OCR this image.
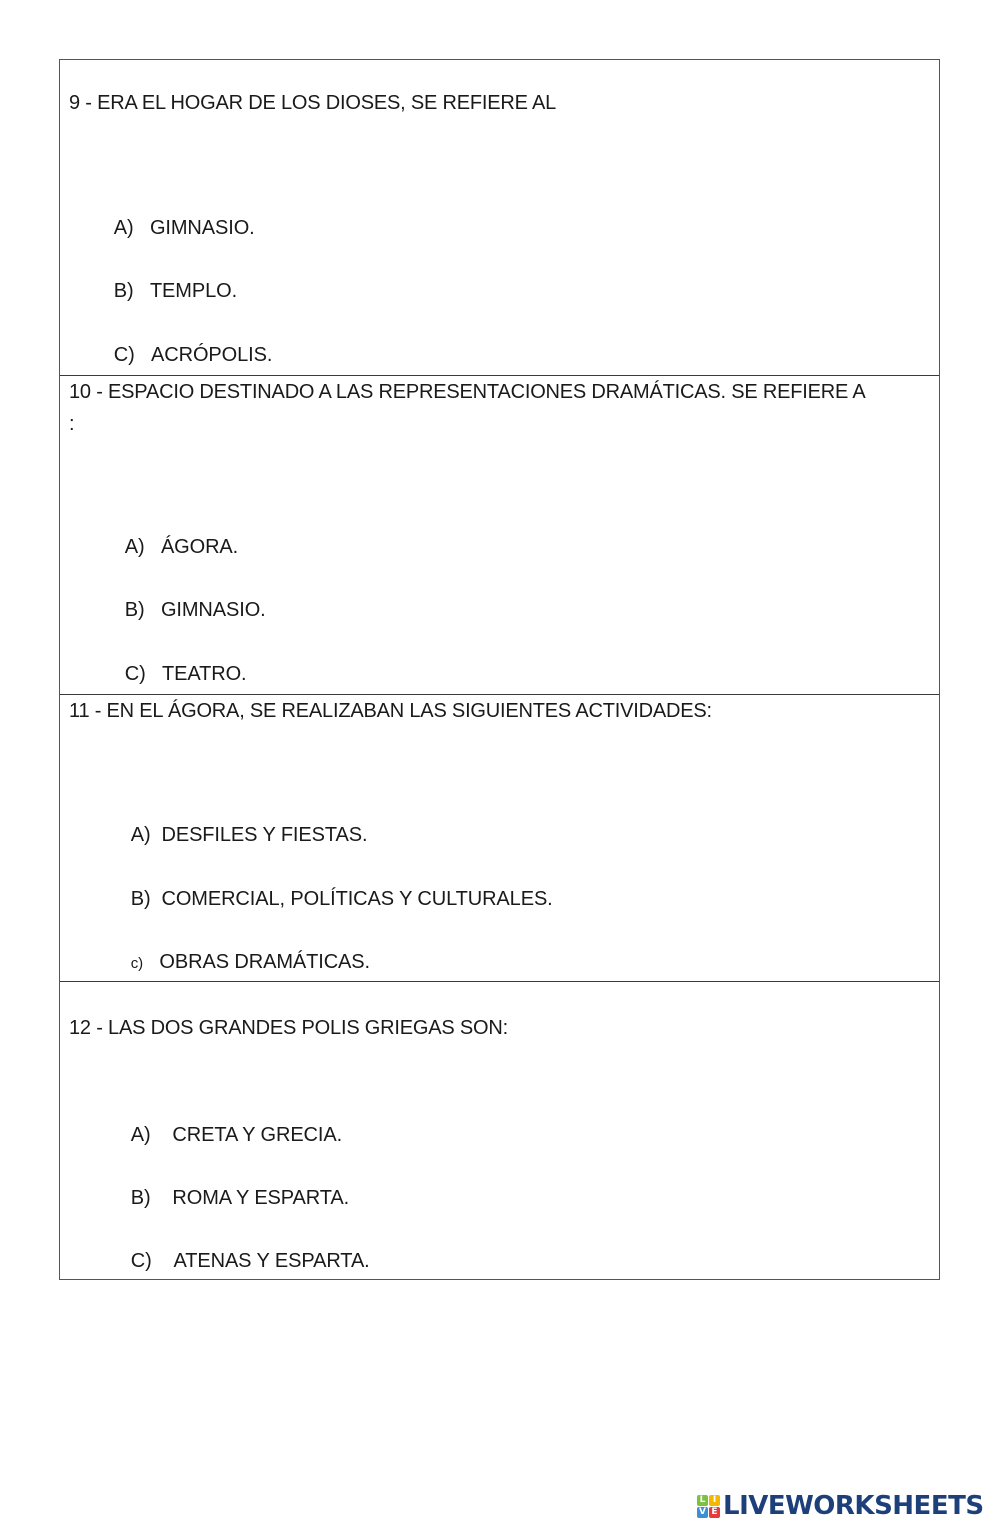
9 - ERA EL HOGAR DE LOS DIOSES, SE REFIERE AL

A) GIMNASIO.

B) TEMPLO.

C) ACRÓPOLIS.

10 - ESPACIO DESTINADO A LAS REPRESENTACIONES DRAMÁTICAS. SE REFIERE A
:

A) ÁGORA.

B) GIMNASIO.

C) TEATRO.

11 - EN EL ÁGORA, SE REALIZABAN LAS SIGUIENTES ACTIVIDADES:

A) DESFILES Y FIESTAS.

B) COMERCIAL, POLÍTICAS Y CULTURALES.

c) OBRAS DRAMÁTICAS.

12 - LAS DOS GRANDES POLIS GRIEGAS SON:

A) CRETA Y GRECIA.

B) ROMA Y ESPARTA.

C) ATENAS Y ESPARTA.

L I
V E LIVEWORKSHEETS
